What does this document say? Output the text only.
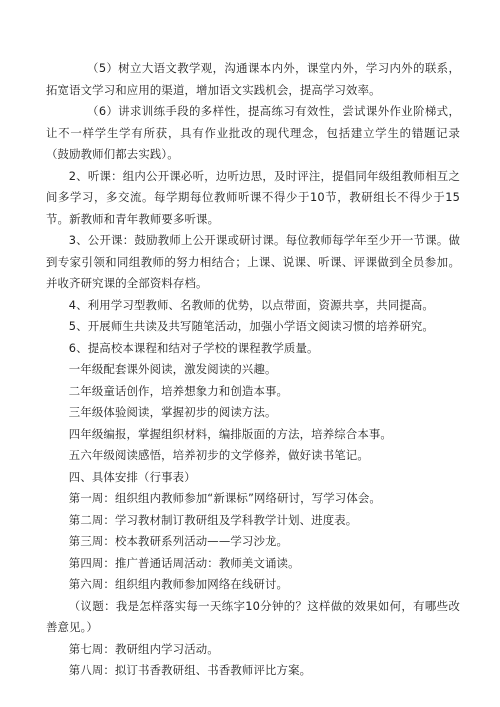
（5）树立大语文教学观，沟通课本内外，课堂内外，学习内外的联系，拓宽语文学习和应用的渠道，增加语文实践机会，提高学习效率。

（6）讲求训练手段的多样性，提高练习有效性，尝试课外作业阶梯式，让不一样学生学有所获，具有作业批改的现代理念，包括建立学生的错题记录（鼓励教师们都去实践）。

2、听课：组内公开课必听，边听边思，及时评注，提倡同年级组教师相互之间多学习，多交流。每学期每位教师听课不得少于10节，教研组长不得少于15节。新教师和青年教师要多听课。

3、公开课：鼓励教师上公开课或研讨课。每位教师每学年至少开一节课。做到专家引领和同组教师的努力相结合；上课、说课、听课、评课做到全员参加。并收齐研究课的全部资料存档。

4、利用学习型教师、名教师的优势，以点带面，资源共享，共同提高。

5、开展师生共读及共写随笔活动，加强小学语文阅读习惯的培养研究。

6、提高校本课程和结对子学校的课程教学质量。

一年级配套课外阅读，激发阅读的兴趣。

二年级童话创作，培养想象力和创造本事。

三年级体验阅读，掌握初步的阅读方法。

四年级编报，掌握组织材料，编排版面的方法，培养综合本事。

五六年级阅读感悟，培养初步的文学修养，做好读书笔记。

四、具体安排（行事表）

第一周：组织组内教师参加“新课标”网络研讨，写学习体会。

第二周：学习教材制订教研组及学科教学计划、进度表。

第三周：校本教研系列活动——学习沙龙。

第四周：推广普通话周活动：教师美文诵读。

第六周：组织组内教师参加网络在线研讨。

（议题：我是怎样落实每一天练字10分钟的？这样做的效果如何，有哪些改善意见。）

第七周：教研组内学习活动。

第八周：拟订书香教研组、书香教师评比方案。
